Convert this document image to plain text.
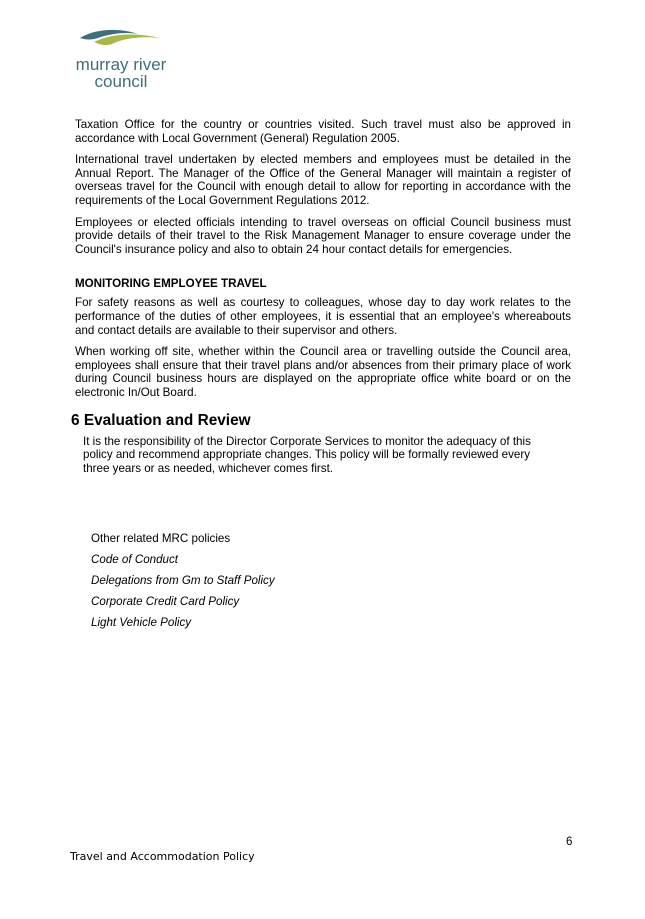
murray river
council

Taxation Office for the country or countries visited. Such travel must also be approved in accordance with Local Government (General) Regulation 2005.

International travel undertaken by elected members and employees must be detailed in the Annual Report. The Manager of the Office of the General Manager will maintain a register of overseas travel for the Council with enough detail to allow for reporting in accordance with the requirements of the Local Government Regulations 2012.

Employees or elected officials intending to travel overseas on official Council business must provide details of their travel to the Risk Management Manager to ensure coverage under the Council's insurance policy and also to obtain 24 hour contact details for emergencies.

MONITORING EMPLOYEE TRAVEL

For safety reasons as well as courtesy to colleagues, whose day to day work relates to the performance of the duties of other employees, it is essential that an employee's whereabouts and contact details are available to their supervisor and others.

When working off site, whether within the Council area or travelling outside the Council area, employees shall ensure that their travel plans and/or absences from their primary place of work during Council business hours are displayed on the appropriate office white board or on the electronic In/Out Board.

6 Evaluation and Review
It is the responsibility of the Director Corporate Services to monitor the adequacy of this policy and recommend appropriate changes. This policy will be formally reviewed every three years or as needed, whichever comes first.
Other related MRC policies
Code of Conduct
Delegations from Gm to Staff Policy
Corporate Credit Card Policy
Light Vehicle Policy
6
Travel and Accommodation Policy
